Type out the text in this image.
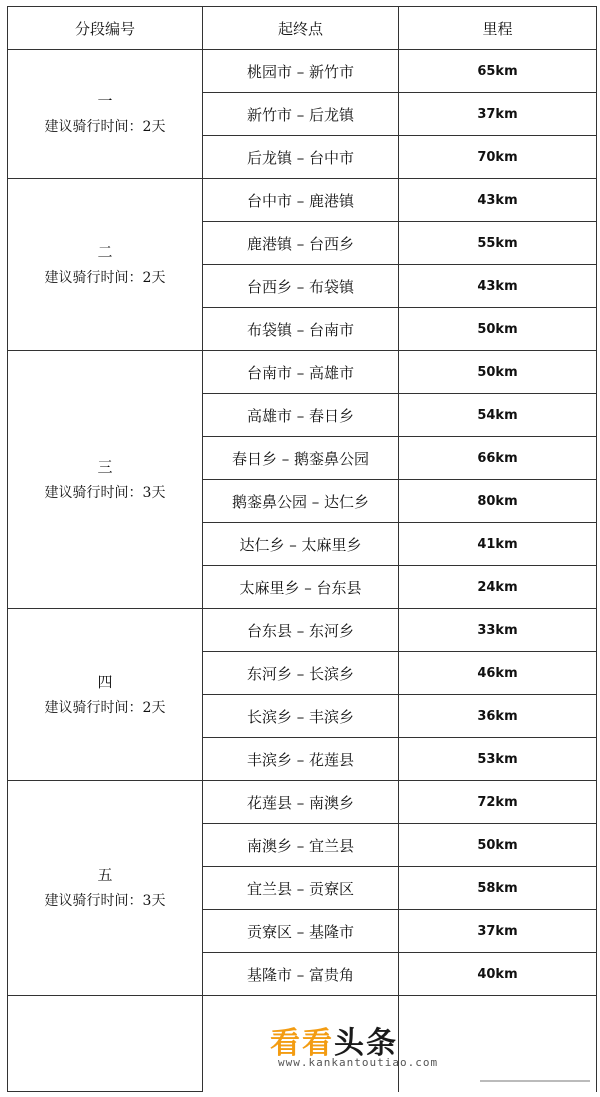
分段编号	起终点	里程

一
建议骑行时间：2天	桃园市 – 新竹市	65km
	新竹市 – 后龙镇	37km
	后龙镇 – 台中市	70km

二
建议骑行时间：2天	台中市 – 鹿港镇	43km
	鹿港镇 – 台西乡	55km
	台西乡 – 布袋镇	43km
	布袋镇 – 台南市	50km

三
建议骑行时间：3天	台南市 – 高雄市	50km
	高雄市 – 春日乡	54km
	春日乡 – 鹅銮鼻公园	66km
	鹅銮鼻公园 – 达仁乡	80km
	达仁乡 – 太麻里乡	41km
	太麻里乡 – 台东县	24km

四
建议骑行时间：2天	台东县 – 东河乡	33km
	东河乡 – 长滨乡	46km
	长滨乡 – 丰滨乡	36km
	丰滨乡 – 花莲县	53km

五
建议骑行时间：3天	花莲县 – 南澳乡	72km
	南澳乡 – 宜兰县	50km
	宜兰县 – 贡寮区	58km
	贡寮区 – 基隆市	37km
	基隆市 – 富贵角	40km

看看头条
www.kankantoutiao.com
